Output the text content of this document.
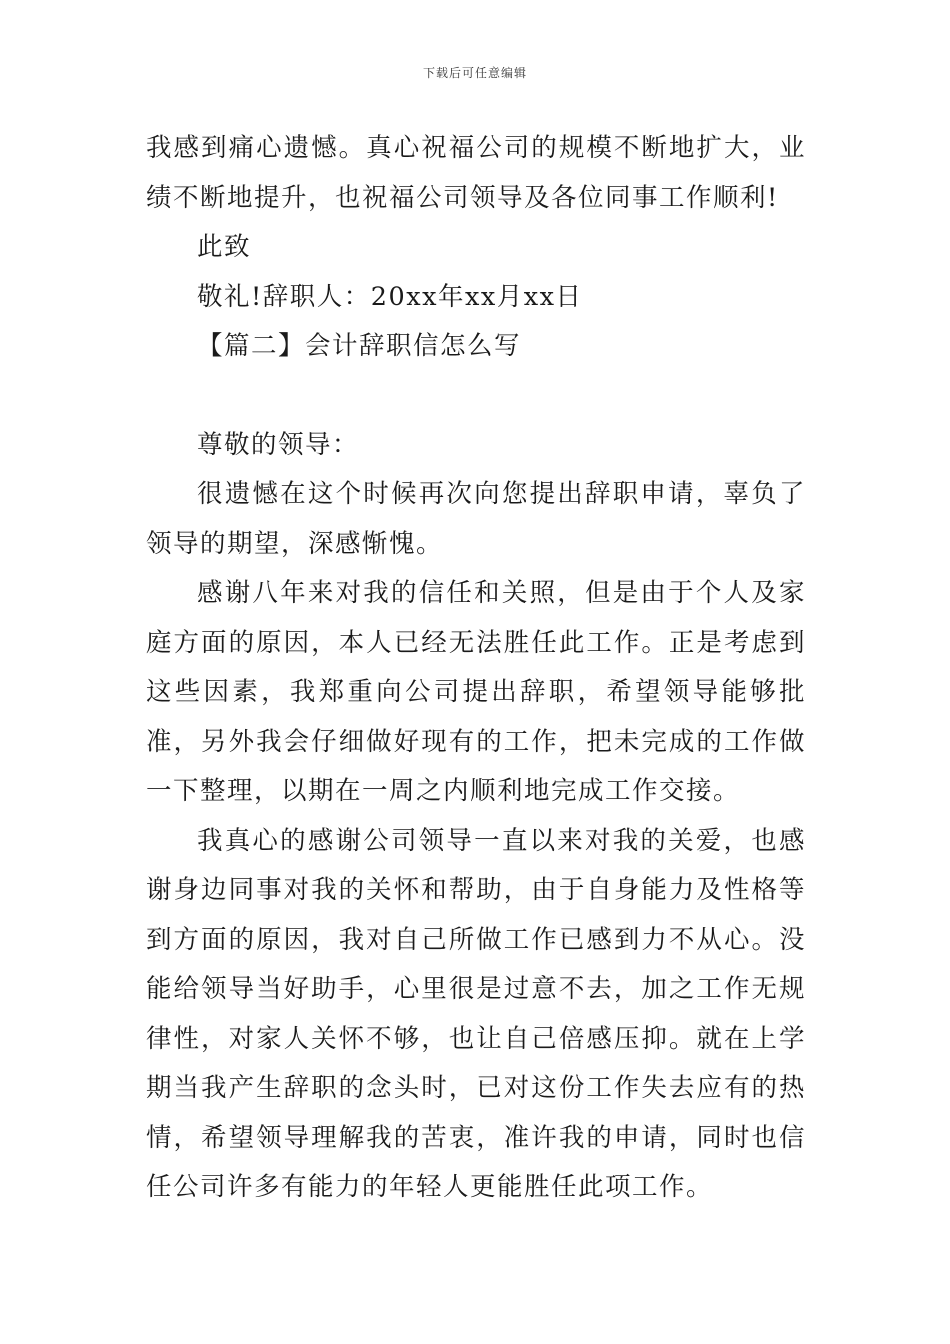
下载后可任意编辑

我感到痛心遗憾。真心祝福公司的规模不断地扩大，业绩不断地提升，也祝福公司领导及各位同事工作顺利!

此致

敬礼!辞职人：20xx年xx月xx日

【篇二】会计辞职信怎么写

尊敬的领导：

很遗憾在这个时候再次向您提出辞职申请，辜负了领导的期望，深感惭愧。

感谢八年来对我的信任和关照，但是由于个人及家庭方面的原因，本人已经无法胜任此工作。正是考虑到这些因素，我郑重向公司提出辞职，希望领导能够批准，另外我会仔细做好现有的工作，把未完成的工作做一下整理，以期在一周之内顺利地完成工作交接。

我真心的感谢公司领导一直以来对我的关爱，也感谢身边同事对我的关怀和帮助，由于自身能力及性格等到方面的原因，我对自己所做工作已感到力不从心。没能给领导当好助手，心里很是过意不去，加之工作无规律性，对家人关怀不够，也让自己倍感压抑。就在上学期当我产生辞职的念头时，已对这份工作失去应有的热情，希望领导理解我的苦衷，准许我的申请，同时也信任公司许多有能力的年轻人更能胜任此项工作。
